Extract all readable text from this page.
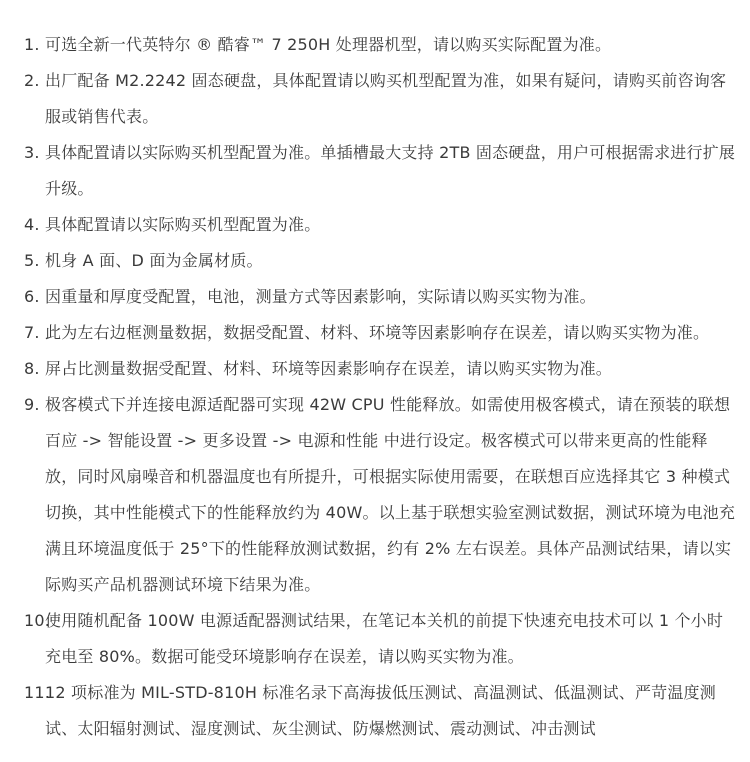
1. 可选全新一代英特尔 ® 酷睿™ 7 250H 处理器机型，请以购买实际配置为准。
2. 出厂配备 M2.2242 固态硬盘，具体配置请以购买机型配置为准，如果有疑问，请购买前咨询客服或销售代表。
3. 具体配置请以实际购买机型配置为准。单插槽最大支持 2TB 固态硬盘，用户可根据需求进行扩展升级。
4. 具体配置请以实际购买机型配置为准。
5. 机身 A 面、D 面为金属材质。
6. 因重量和厚度受配置，电池，测量方式等因素影响，实际请以购买实物为准。
7. 此为左右边框测量数据，数据受配置、材料、环境等因素影响存在误差，请以购买实物为准。
8. 屏占比测量数据受配置、材料、环境等因素影响存在误差，请以购买实物为准。
9. 极客模式下并连接电源适配器可实现 42W CPU 性能释放。如需使用极客模式，请在预装的联想百应 -> 智能设置 -> 更多设置 -> 电源和性能 中进行设定。极客模式可以带来更高的性能释放，同时风扇噪音和机器温度也有所提升，可根据实际使用需要，在联想百应选择其它 3 种模式切换，其中性能模式下的性能释放约为 40W。以上基于联想实验室测试数据，测试环境为电池充满且环境温度低于 25°下的性能释放测试数据，约有 2% 左右误差。具体产品测试结果，请以实际购买产品机器测试环境下结果为准。
10.
使用随机配备 100W 电源适配器测试结果，在笔记本关机的前提下快速充电技术可以 1 个小时充电至 80%。数据可能受环境影响存在误差，请以购买实物为准。
11.
12 项标准为 MIL-STD-810H 标准名录下高海拔低压测试、高温测试、低温测试、严苛温度测试、太阳辐射测试、湿度测试、灰尘测试、防爆燃测试、震动测试、冲击测试
